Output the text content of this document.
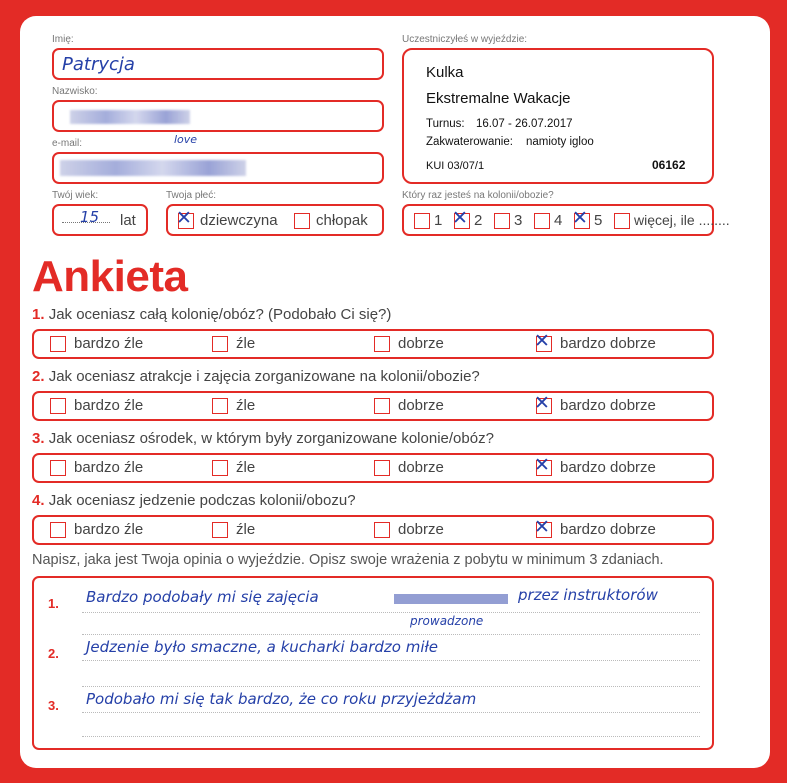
Imię:
Patrycja
Nazwisko:
e-mail:	love
Twój wiek:
15 lat
Twoja płeć:
✕ dziewczyna	chłopak
Uczestniczyłeś w wyjeździe:
Kulka
Ekstremalne Wakacje
Turnus: 16.07 - 26.07.2017
Zakwaterowanie: namioty igloo
KUI 03/07/1	06162
Który raz jesteś na kolonii/obozie?
1 ✕ 2 3 4 ✕ 5 więcej, ile ........
Ankieta
1. Jak oceniasz całą kolonię/obóz? (Podobało Ci się?)
bardzo źle	źle	dobrze	✕ bardzo dobrze
2. Jak oceniasz atrakcje i zajęcia zorganizowane na kolonii/obozie?
bardzo źle	źle	dobrze	✕ bardzo dobrze
3. Jak oceniasz ośrodek, w którym były zorganizowane kolonie/obóz?
bardzo źle	źle	dobrze	✕ bardzo dobrze
4. Jak oceniasz jedzenie podczas kolonii/obozu?
bardzo źle	źle	dobrze	✕ bardzo dobrze
Napisz, jaka jest Twoja opinia o wyjeździe. Opisz swoje wrażenia z pobytu w minimum 3 zdaniach.
1. Bardzo podobały mi się zajęcia	przez instruktorów
prowadzone
2. Jedzenie było smaczne, a kucharki bardzo miłe
3. Podobało mi się tak bardzo, że co roku przyjeżdżam
